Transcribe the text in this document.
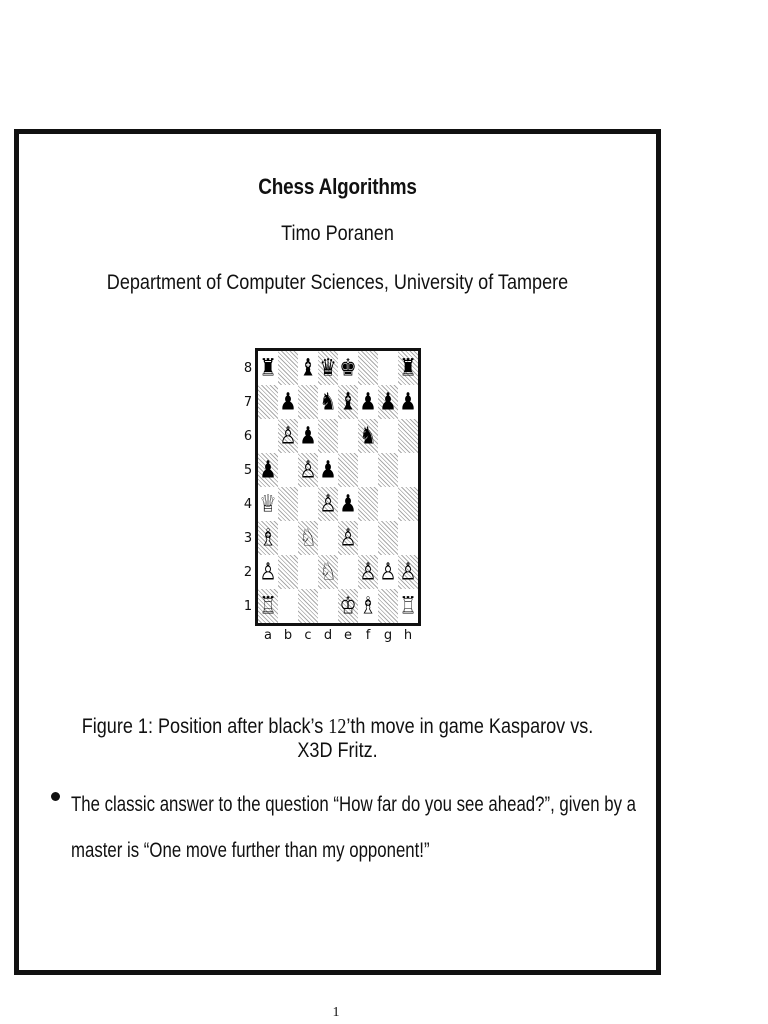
Chess Algorithms
Timo Poranen
Department of Computer Sciences, University of Tampere
8
7
6
5
4
3
2
1
♜ ♝ ♛ ♚ ♜
♟ ♞ ♝ ♟ ♟ ♟
♙ ♟ ♞
♟ ♙ ♟
♕ ♙ ♟
♗ ♘ ♙
♙ ♘ ♙ ♙ ♙
♖	♔ ♗ ♖
a b c d e	f	g h
Figure 1: Position after black’s 12’th move in game Kasparov vs. X3D Fritz.
The classic answer to the question “How far do you see ahead?”, given by a
master is “One move further than my opponent!”
1
